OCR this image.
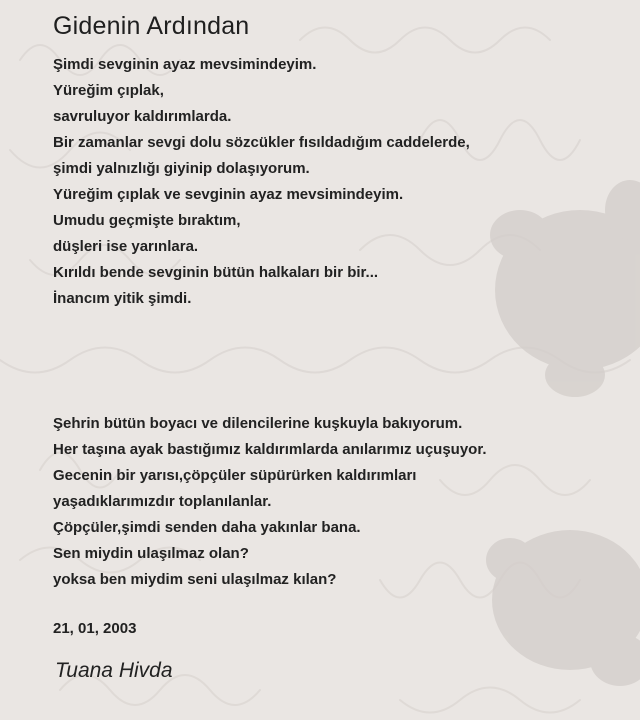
Gidenin Ardından
Şimdi sevginin ayaz mevsimindeyim.
Yüreğim çıplak,
savruluyor kaldırımlarda.
Bir zamanlar sevgi dolu sözcükler fısıldadığım caddelerde,
şimdi yalnızlığı giyinip dolaşıyorum.
Yüreğim çıplak ve sevginin ayaz mevsimindeyim.
Umudu geçmişte bıraktım,
düşleri ise yarınlara.
Kırıldı bende sevginin bütün halkaları bir bir...
İnancım yitik şimdi.
Şehrin bütün boyacı ve dilencilerine kuşkuyla bakıyorum.
Her taşına ayak bastığımız kaldırımlarda anılarımız uçuşuyor.
Gecenin bir yarısı,çöpçüler süpürürken kaldırımları
yaşadıklarımızdır toplanılanlar.
Çöpçüler,şimdi senden daha yakınlar bana.
Sen miydin ulaşılmaz olan?
yoksa ben miydim seni ulaşılmaz kılan?
21, 01, 2003
Tuana Hivda
